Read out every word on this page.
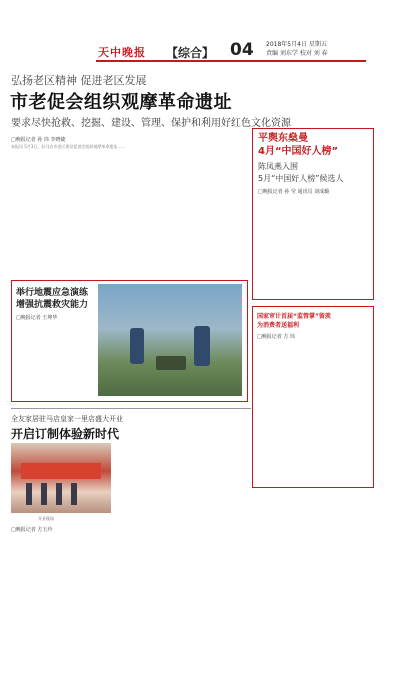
天中晚报 【综合】 04 2018年5月4日 星期五
责编 刘东学 校对 刘 春
弘扬老区精神 促进老区发展
市老促会组织观摩革命遗址
要求尽快抢救、挖掘、建设、管理、保护和利用好红色文化资源
□晚报记者 孙 玮 李晓婕

本报讯 5月3日，驻马店市老区建设促进会组织观摩革命遗址……

平舆东燊曼
4月“中国好人榜”
陈凤燕入围
5月“中国好人榜”候选人
□晚报记者 孙 莹 通讯员 刘成璐
举行地震应急演练
增强抗震救灾能力
□晚报记者 王坤华	国家审计首届“监管掌”留羡
为消费者送福利
□晚报记者 方 玮
全友家居驻马店皇家一里店盛大开业
开启订制体验新时代
开业现场
□晚报记者 方玉玲
